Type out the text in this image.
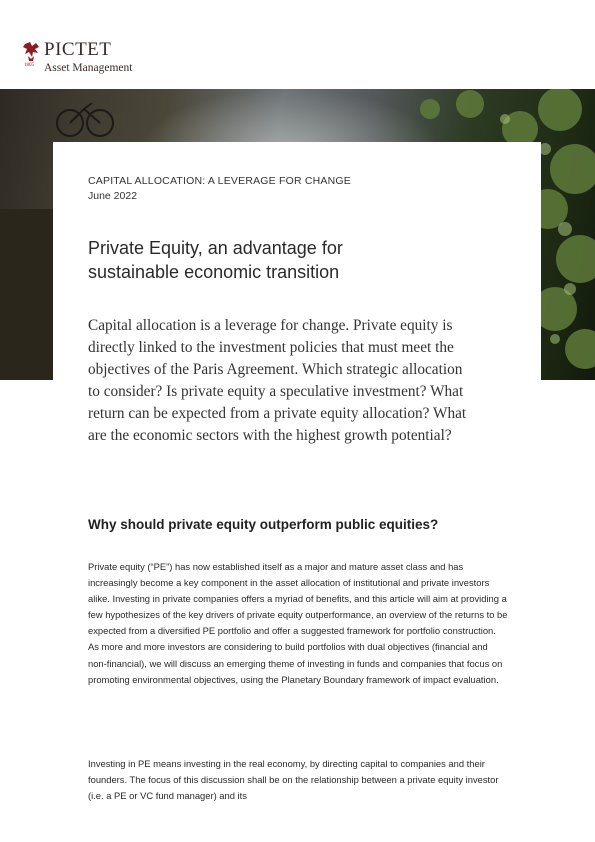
PICTET
1805 Asset Management
CAPITAL ALLOCATION: A LEVERAGE FOR CHANGE
June 2022
Private Equity, an advantage for sustainable economic transition

Capital allocation is a leverage for change. Private equity is directly linked to the investment policies that must meet the objectives of the Paris Agreement. Which strategic allocation to consider? Is private equity a speculative investment? What return can be expected from a private equity allocation? What are the economic sectors with the highest growth potential?

Why should private equity outperform public equities?

Private equity (“PE”) has now established itself as a major and mature asset class and has increasingly become a key component in the asset allocation of institutional and private investors alike. Investing in private companies offers a myriad of benefits, and this article will aim at providing a few hypothesizes of the key drivers of private equity outperformance, an overview of the returns to be expected from a diversified PE portfolio and offer a suggested framework for portfolio construction. As more and more investors are considering to build portfolios with dual objectives (financial and non-financial), we will discuss an emerging theme of investing in funds and companies that focus on promoting environmental objectives, using the Planetary Boundary framework of impact evaluation.

Investing in PE means investing in the real economy, by directing capital to companies and their founders. The focus of this discussion shall be on the relationship between a private equity investor (i.e. a PE or VC fund manager) and its
